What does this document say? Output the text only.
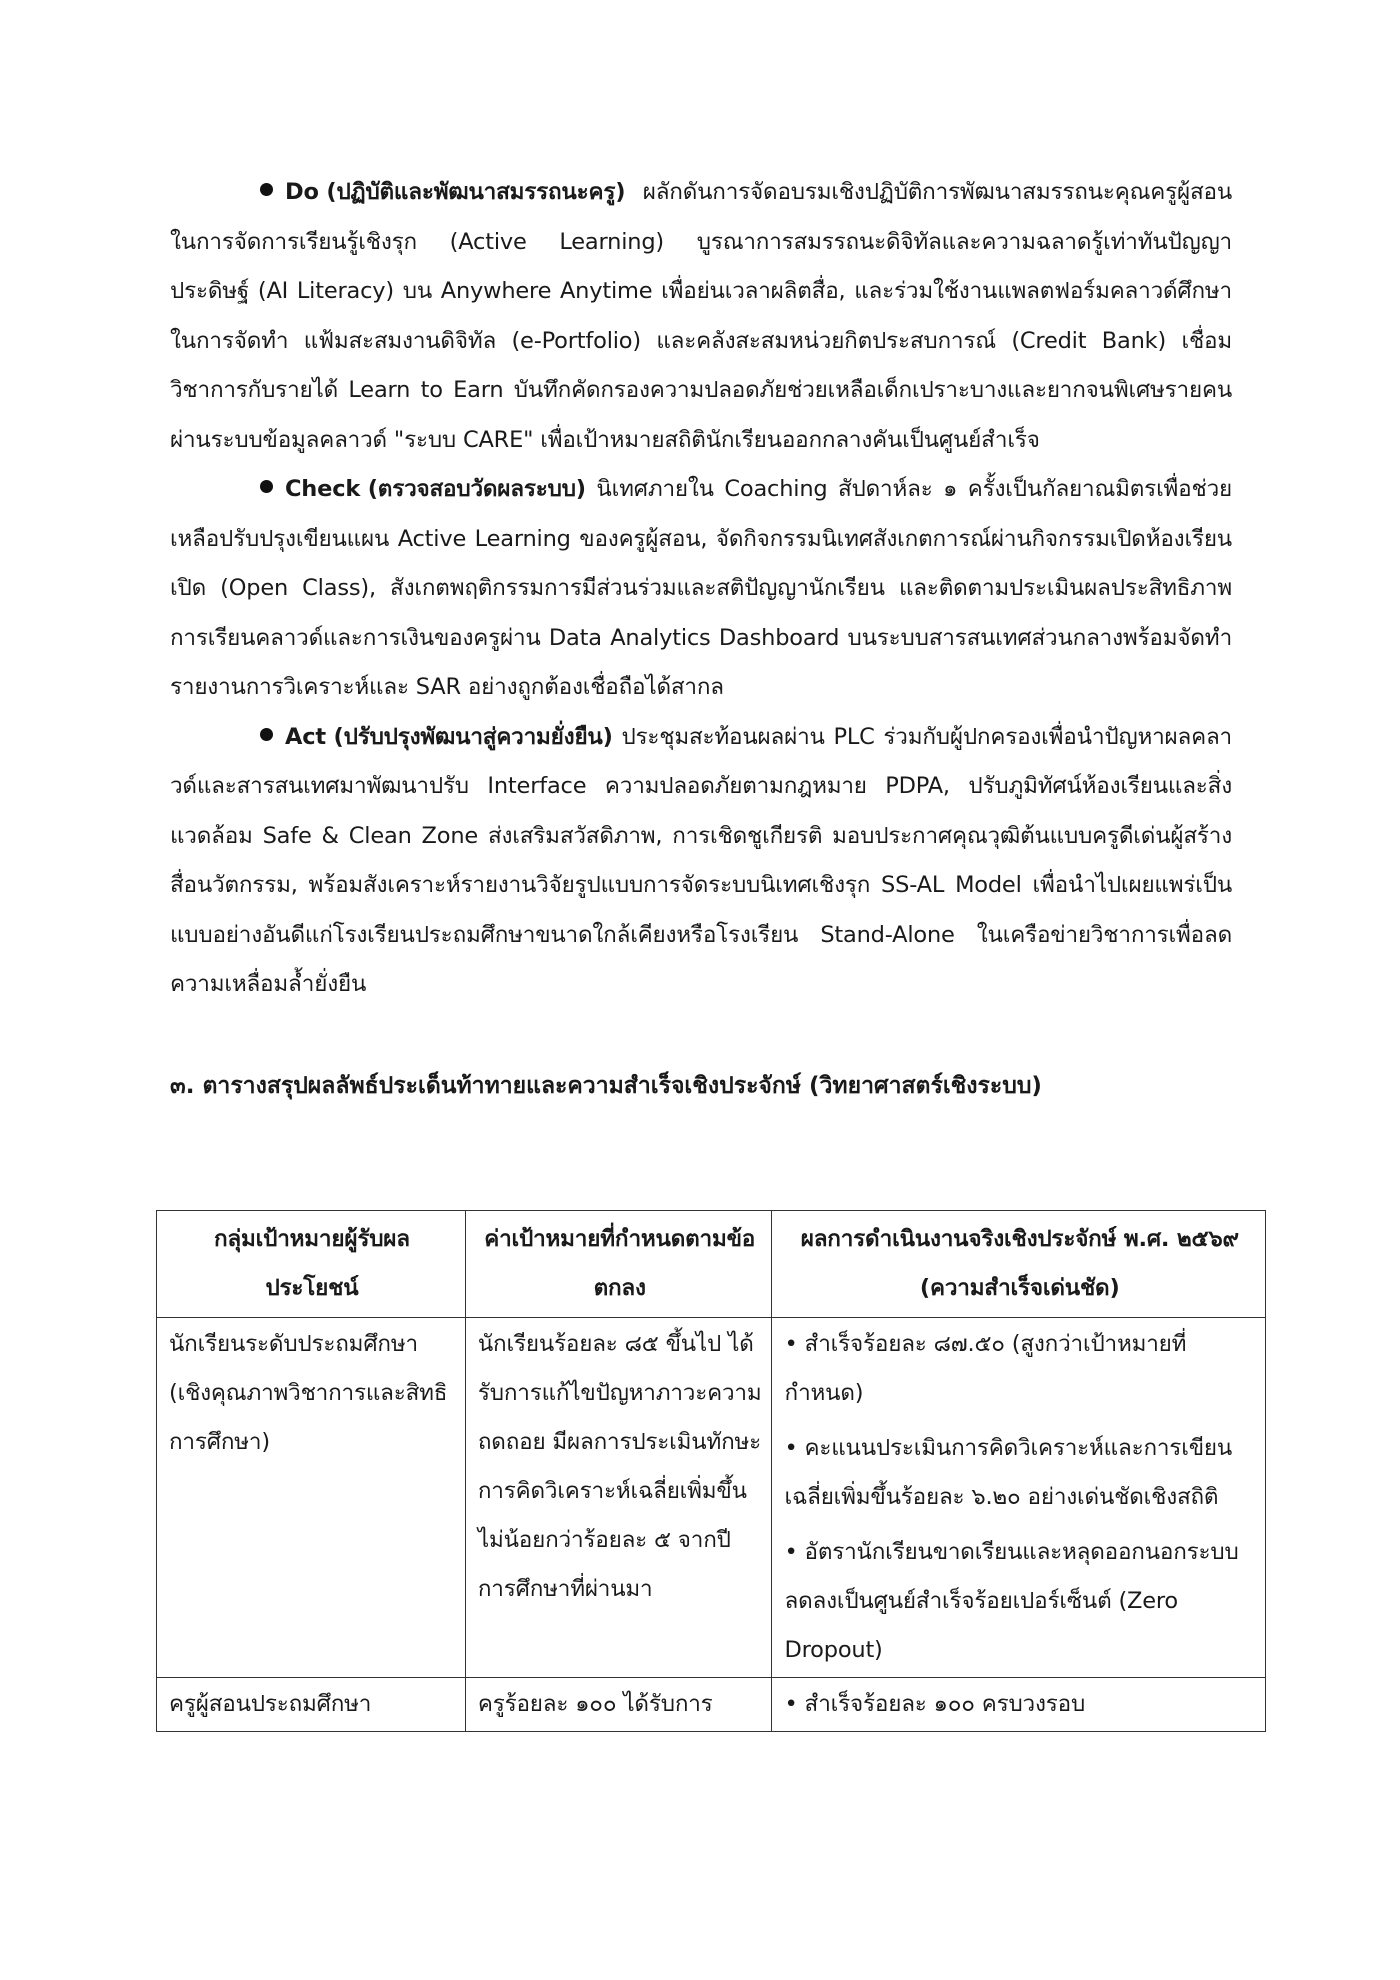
Do (ปฏิบัติและพัฒนาสมรรถนะครู) ผลักดันการจัดอบรมเชิงปฏิบัติการพัฒนาสมรรถนะคุณครูผู้สอนในการจัดการเรียนรู้เชิงรุก (Active Learning) บูรณาการสมรรถนะดิจิทัลและความฉลาดรู้เท่าทันปัญญาประดิษฐ์ (AI Literacy) บน Anywhere Anytime เพื่อย่นเวลาผลิตสื่อ, และร่วมใช้งานแพลตฟอร์มคลาวด์ศึกษาในการจัดทำ แฟ้มสะสมงานดิจิทัล (e-Portfolio) และคลังสะสมหน่วยกิตประสบการณ์ (Credit Bank) เชื่อมวิชาการกับรายได้ Learn to Earn บันทึกคัดกรองความปลอดภัยช่วยเหลือเด็กเปราะบางและยากจนพิเศษรายคนผ่านระบบข้อมูลคลาวด์ "ระบบ CARE" เพื่อเป้าหมายสถิตินักเรียนออกกลางคันเป็นศูนย์สำเร็จ

Check (ตรวจสอบวัดผลระบบ) นิเทศภายใน Coaching สัปดาห์ละ ๑ ครั้งเป็นกัลยาณมิตรเพื่อช่วยเหลือปรับปรุงเขียนแผน Active Learning ของครูผู้สอน, จัดกิจกรรมนิเทศสังเกตการณ์ผ่านกิจกรรมเปิดห้องเรียนเปิด (Open Class), สังเกตพฤติกรรมการมีส่วนร่วมและสติปัญญานักเรียน และติดตามประเมินผลประสิทธิภาพการเรียนคลาวด์และการเงินของครูผ่าน Data Analytics Dashboard บนระบบสารสนเทศส่วนกลางพร้อมจัดทำรายงานการวิเคราะห์และ SAR อย่างถูกต้องเชื่อถือได้สากล

Act (ปรับปรุงพัฒนาสู่ความยั่งยืน) ประชุมสะท้อนผลผ่าน PLC ร่วมกับผู้ปกครองเพื่อนำปัญหาผลคลาวด์และสารสนเทศมาพัฒนาปรับ Interface ความปลอดภัยตามกฎหมาย PDPA, ปรับภูมิทัศน์ห้องเรียนและสิ่งแวดล้อม Safe & Clean Zone ส่งเสริมสวัสดิภาพ, การเชิดชูเกียรติ มอบประกาศคุณวุฒิต้นแบบครูดีเด่นผู้สร้างสื่อนวัตกรรม, พร้อมสังเคราะห์รายงานวิจัยรูปแบบการจัดระบบนิเทศเชิงรุก SS-AL Model เพื่อนำไปเผยแพร่เป็นแบบอย่างอันดีแก่โรงเรียนประถมศึกษาขนาดใกล้เคียงหรือโรงเรียน Stand-Alone ในเครือข่ายวิชาการเพื่อลดความเหลื่อมล้ำยั่งยืน

๓. ตารางสรุปผลลัพธ์ประเด็นท้าทายและความสำเร็จเชิงประจักษ์ (วิทยาศาสตร์เชิงระบบ)

กลุ่มเป้าหมายผู้รับผลประโยชน์	ค่าเป้าหมายที่กำหนดตามข้อตกลง	ผลการดำเนินงานจริงเชิงประจักษ์ พ.ศ. ๒๕๖๙ (ความสำเร็จเด่นชัด)
นักเรียนระดับประถมศึกษา (เชิงคุณภาพวิชาการและสิทธิการศึกษา)	นักเรียนร้อยละ ๘๕ ขึ้นไป ได้รับการแก้ไขปัญหาภาวะความถดถอย มีผลการประเมินทักษะการคิดวิเคราะห์เฉลี่ยเพิ่มขึ้นไม่น้อยกว่าร้อยละ ๕ จากปีการศึกษาที่ผ่านมา	• สำเร็จร้อยละ ๘๗.๕๐ (สูงกว่าเป้าหมายที่กำหนด)
• คะแนนประเมินการคิดวิเคราะห์และการเขียนเฉลี่ยเพิ่มขึ้นร้อยละ ๖.๒๐ อย่างเด่นชัดเชิงสถิติ
• อัตรานักเรียนขาดเรียนและหลุดออกนอกระบบลดลงเป็นศูนย์สำเร็จร้อยเปอร์เซ็นต์ (Zero Dropout)

ครูผู้สอนประถมศึกษา	ครูร้อยละ ๑๐๐ ได้รับการ	• สำเร็จร้อยละ ๑๐๐ ครบวงรอบ
